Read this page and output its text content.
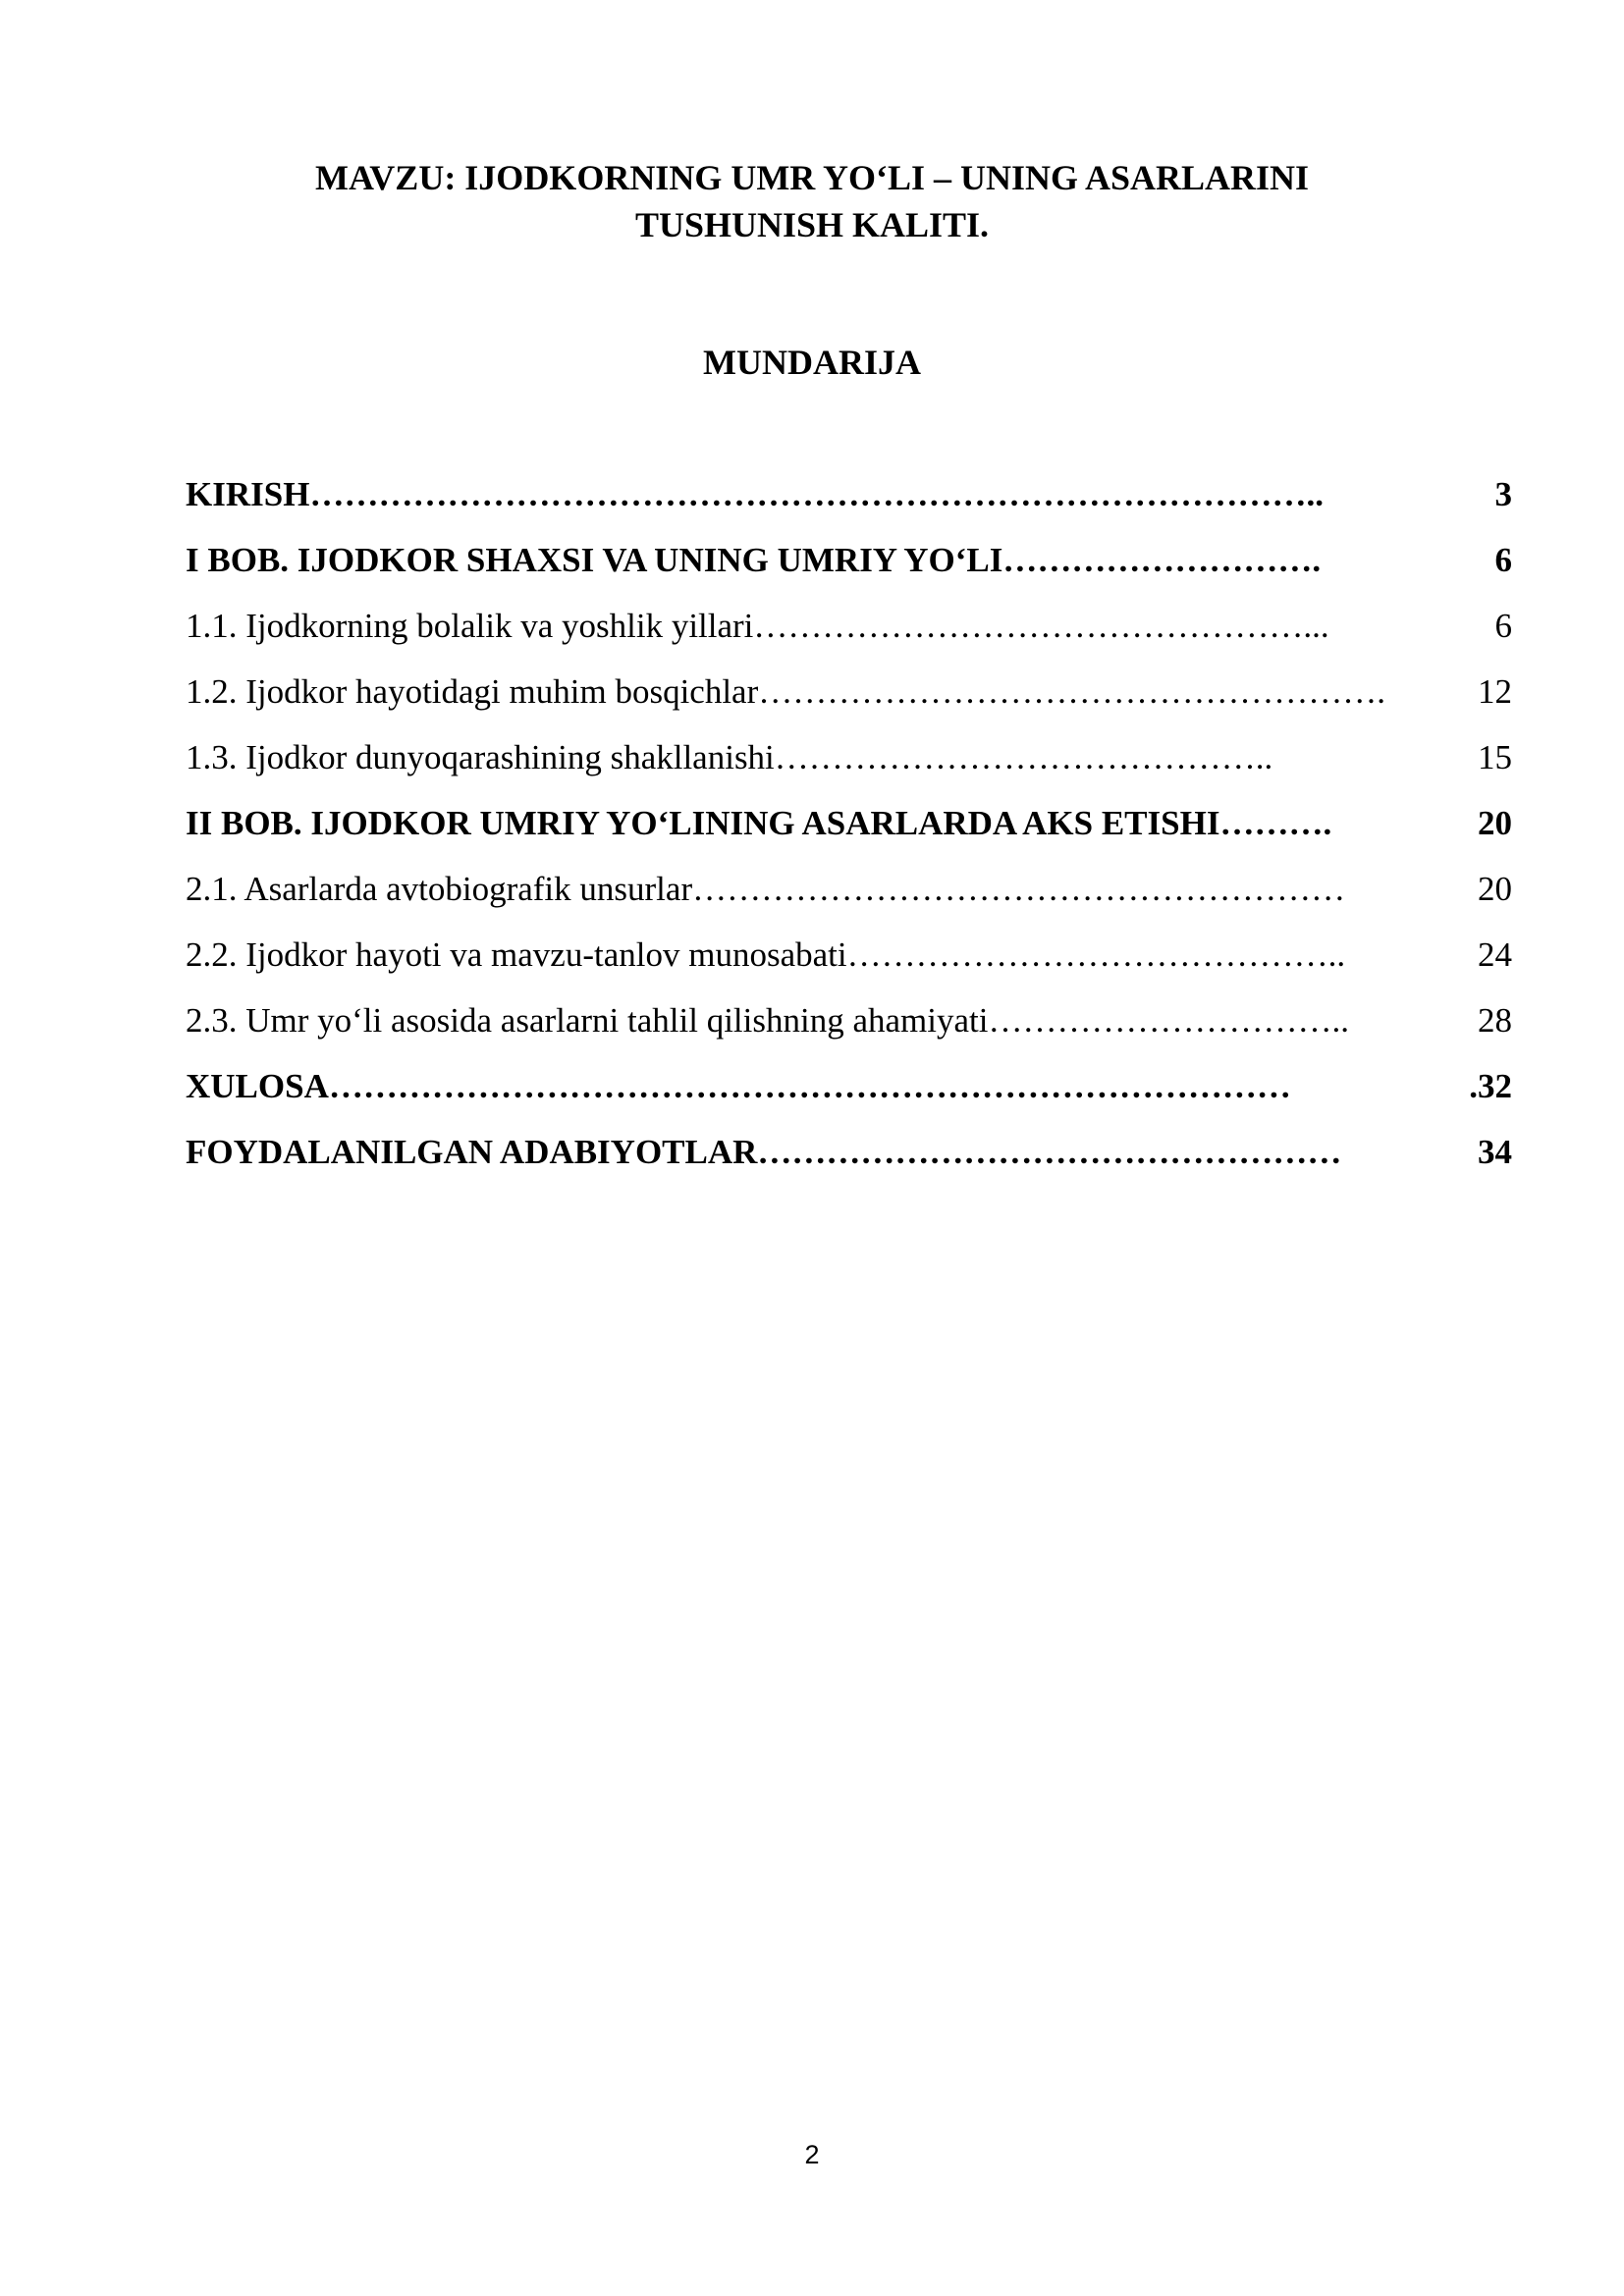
MAVZU: IJODKORNING UMR YO‘LI – UNING ASARLARINI
TUSHUNISH KALITI.
MUNDARIJA
KIRISH ……………………………………………………………………………..	3
I BOB. IJODKOR SHAXSI VA UNING UMRIY YO‘LI ……………………….	6
1.1. Ijodkorning bolalik va yoshlik yillari …………………………………………...	6
1.2. Ijodkor hayotidagi muhim bosqichlar ……………………………………………….	12
1.3. Ijodkor dunyoqarashining shakllanishi ……………………………………..	15
II BOB. IJODKOR UMRIY YO‘LINING ASARLARDA AKS ETISHI ……….	20
2.1. Asarlarda avtobiografik unsurlar …………………………………………………	20
2.2. Ijodkor hayoti va mavzu-tanlov munosabati ……………………………………..	24
2.3. Umr yo‘li asosida asarlarni tahlil qilishning ahamiyati …………………………..	28
XULOSA …………………………………………………………………………	.32
FOYDALANILGAN ADABIYOTLAR ……………………………………………	34
2
